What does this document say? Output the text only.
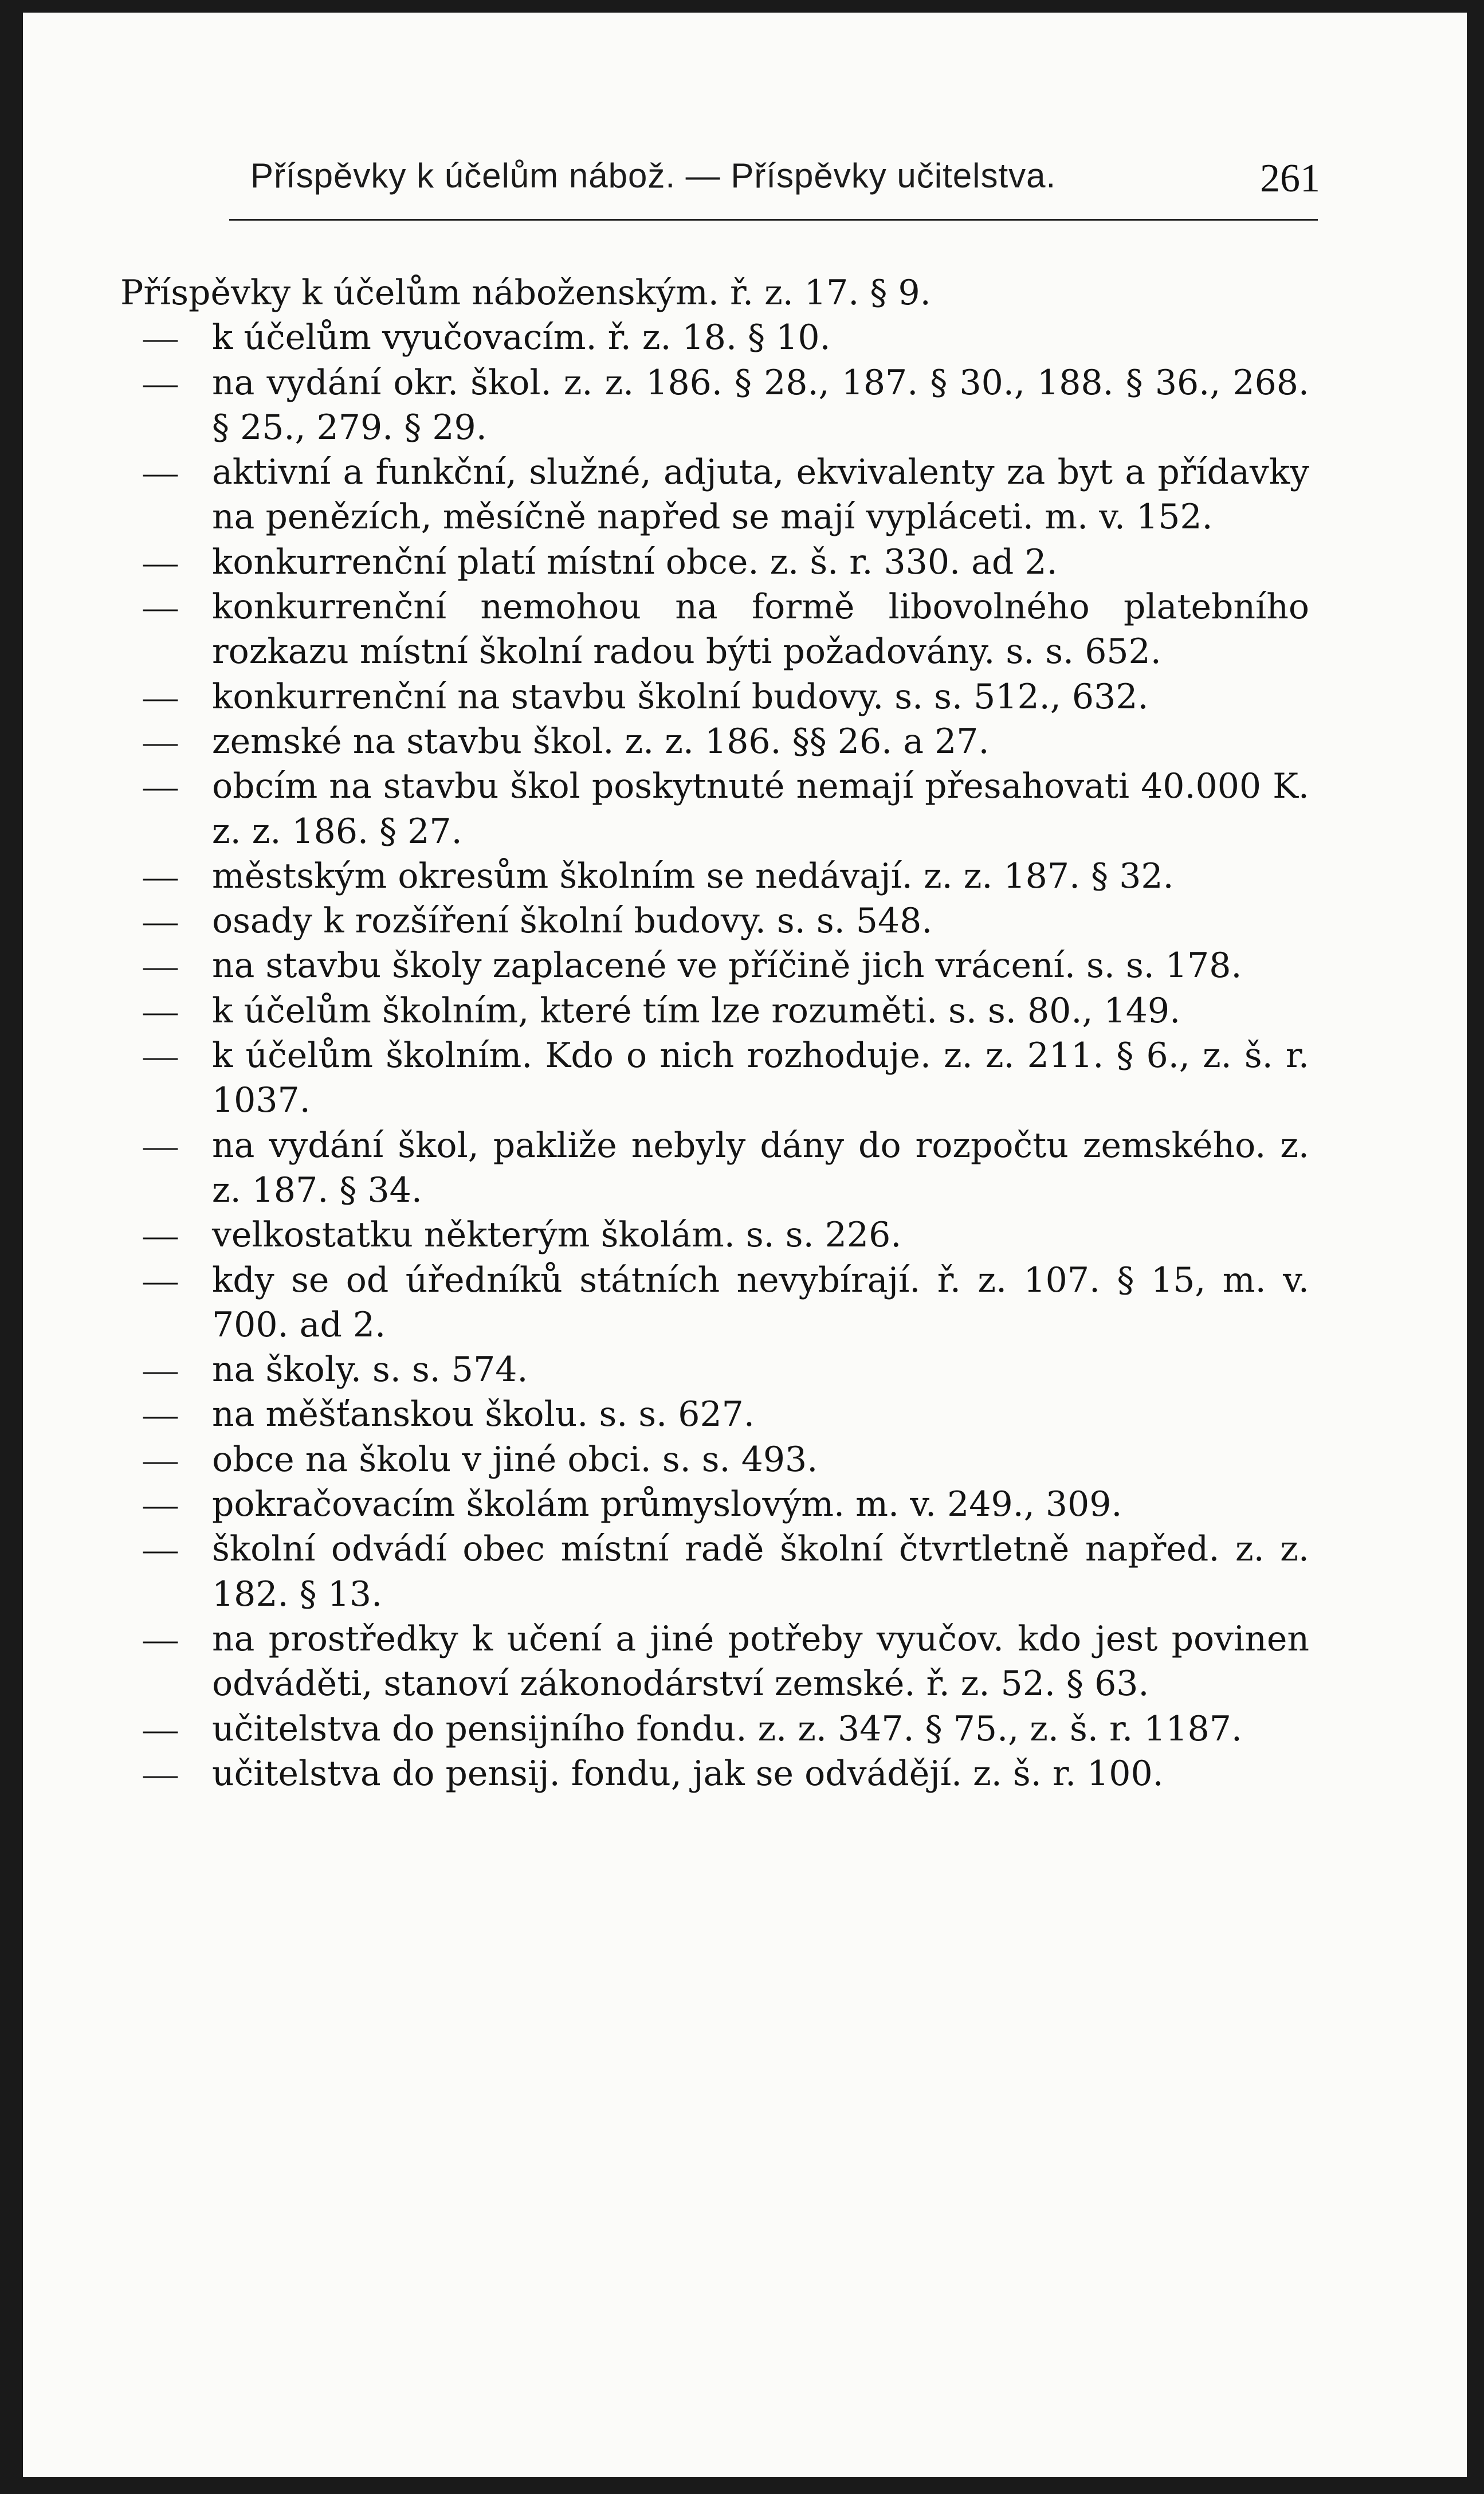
Příspěvky k účelům nábož. — Příspěvky učitelstva.	261
Příspěvky k účelům náboženským. ř. z. 17. § 9.
—	k účelům vyučovacím. ř. z. 18. § 10.
—	na vydání okr. škol. z. z. 186. § 28., 187. § 30., 188. § 36., 268. § 25., 279. § 29.
—	aktivní a funkční, služné, adjuta, ekvivalenty za byt a přídavky na penězích, měsíčně napřed se mají vypláceti. m. v. 152.
—	konkurrenční platí místní obce. z. š. r. 330. ad 2.
—	konkurrenční nemohou na formě libovolného platebního rozkazu místní školní radou býti požadovány. s. s. 652.
—	konkurrenční na stavbu školní budovy. s. s. 512., 632.
—	zemské na stavbu škol. z. z. 186. §§ 26. a 27.
—	obcím na stavbu škol poskytnuté nemají přesahovati 40.000 K. z. z. 186. § 27.
—	městským okresům školním se nedávají. z. z. 187. § 32.
—	osady k rozšíření školní budovy. s. s. 548.
—	na stavbu školy zaplacené ve příčině jich vrácení. s. s. 178.
—	k účelům školním, které tím lze rozuměti. s. s. 80., 149.
—	k účelům školním. Kdo o nich rozhoduje. z. z. 211. § 6., z. š. r. 1037.
—	na vydání škol, pakliže nebyly dány do rozpočtu zemského. z. z. 187. § 34.
—	velkostatku některým školám. s. s. 226.
—	kdy se od úředníků státních nevybírají. ř. z. 107. § 15, m. v. 700. ad 2.
—	na školy. s. s. 574.
—	na měšťanskou školu. s. s. 627.
—	obce na školu v jiné obci. s. s. 493.
—	pokračovacím školám průmyslovým. m. v. 249., 309.
—	školní odvádí obec místní radě školní čtvrtletně napřed. z. z. 182. § 13.
—	na prostředky k učení a jiné potřeby vyučov. kdo jest povinen odváděti, stanoví zákonodárství zemské. ř. z. 52. § 63.
—	učitelstva do pensijního fondu. z. z. 347. § 75., z. š. r. 1187.
—	učitelstva do pensij. fondu, jak se odvádějí. z. š. r. 100.
